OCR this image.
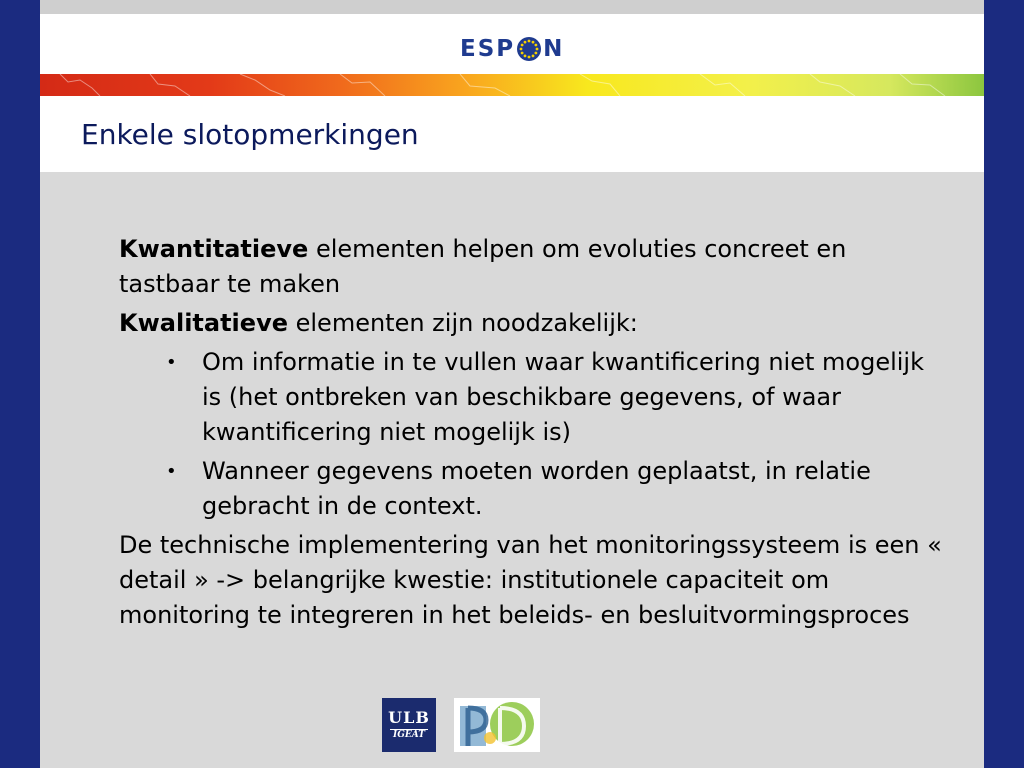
ESP N
Enkele slotopmerkingen

Kwantitatieve elementen helpen om evoluties concreet en tastbaar te maken

Kwalitatieve elementen zijn noodzakelijk:

• Om informatie in te vullen waar kwantificering niet mogelijk is (het ontbreken van beschikbare gegevens, of waar kwantificering niet mogelijk is)

• Wanneer gegevens moeten worden geplaatst, in relatie gebracht in de context.

De technische implementering van het monitoringssysteem is een « detail » -> belangrijke kwestie: institutionele capaciteit om monitoring te integreren in het beleids- en besluitvormingsproces

ULB
IGEAT
